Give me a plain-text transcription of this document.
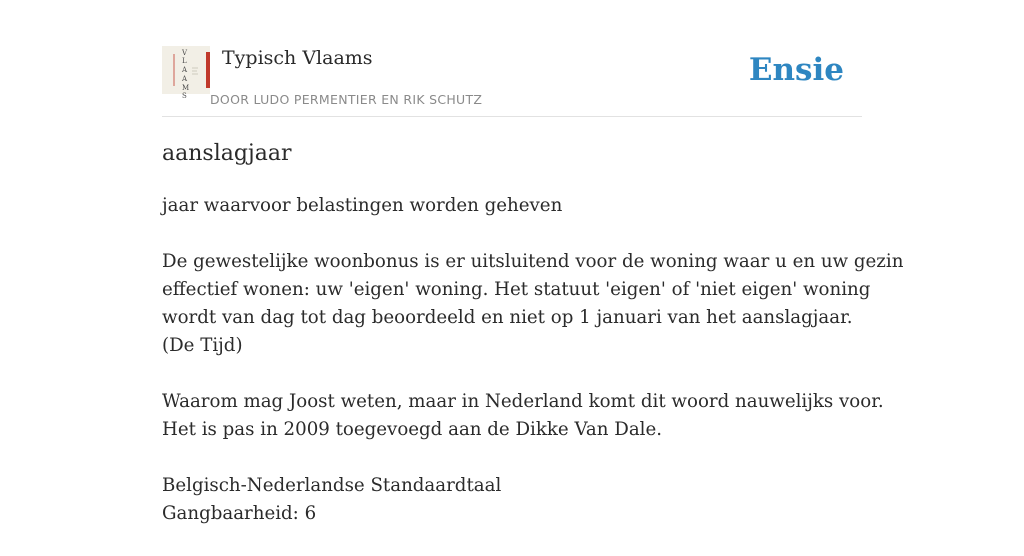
V
L
A
A
M
S
Typisch Vlaams
DOOR LUDO PERMENTIER EN RIK SCHUTZ
Ensie
aanslagjaar

jaar waarvoor belastingen worden geheven

De gewestelijke woonbonus is er uitsluitend voor de woning waar u en uw gezin
effectief wonen: uw 'eigen' woning. Het statuut 'eigen' of 'niet eigen' woning
wordt van dag tot dag beoordeeld en niet op 1 januari van het aanslagjaar.
(De Tijd)

Waarom mag Joost weten, maar in Nederland komt dit woord nauwelijks voor.
Het is pas in 2009 toegevoegd aan de Dikke Van Dale.

Belgisch-Nederlandse Standaardtaal
Gangbaarheid: 6
